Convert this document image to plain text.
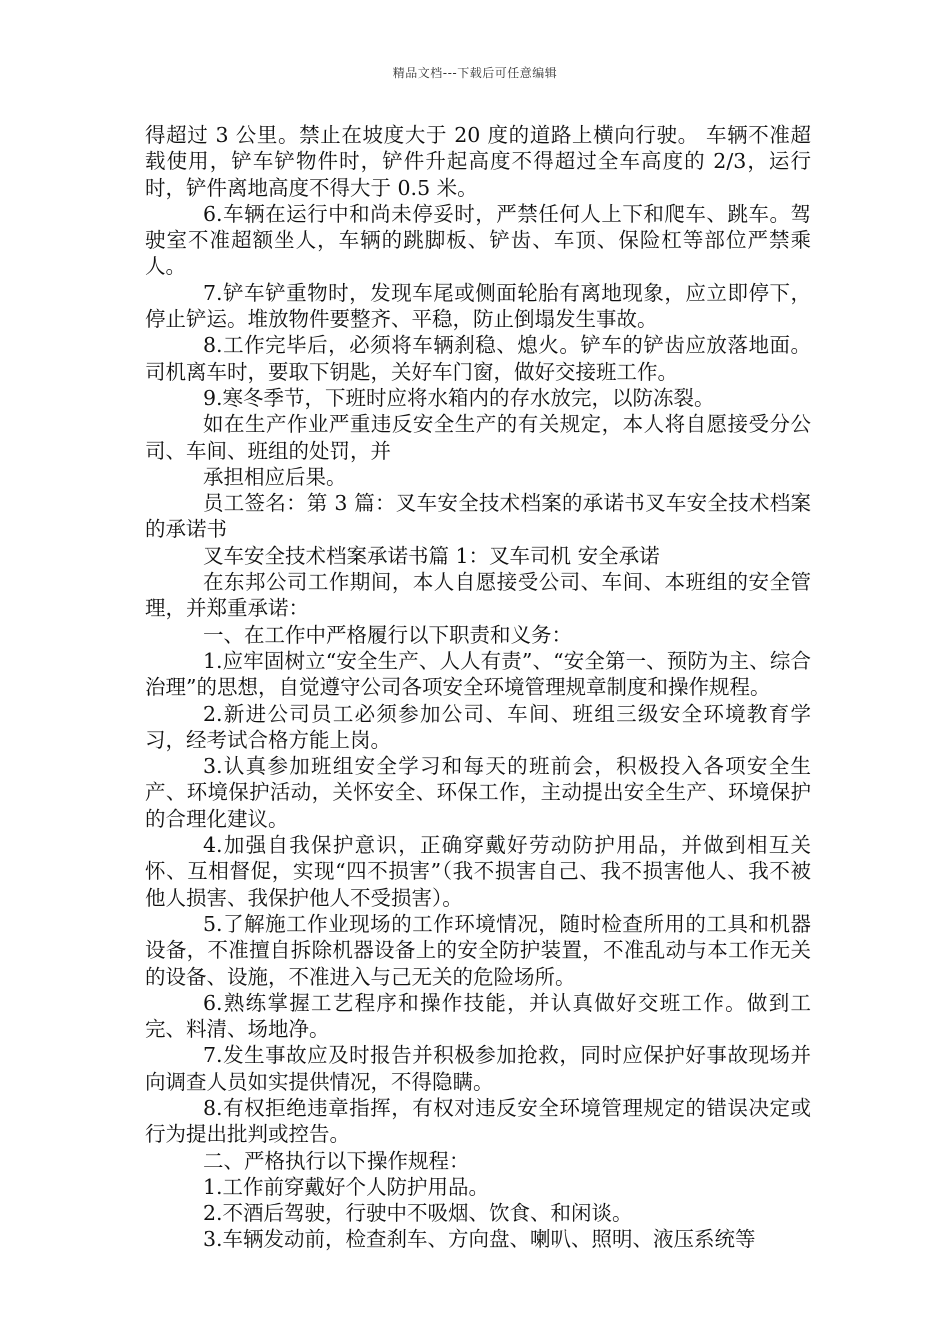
精品文档---下载后可任意编辑

得超过 3 公里。禁止在坡度大于 20 度的道路上横向行驶。 车辆不准超载使用，铲车铲物件时，铲件升起高度不得超过全车高度的 2/3，运行时，铲件离地高度不得大于 0.5 米。

6.车辆在运行中和尚未停妥时，严禁任何人上下和爬车、跳车。驾驶室不准超额坐人，车辆的跳脚板、铲齿、车顶、保险杠等部位严禁乘人。

7.铲车铲重物时，发现车尾或侧面轮胎有离地现象，应立即停下，停止铲运。堆放物件要整齐、平稳，防止倒塌发生事故。

8.工作完毕后，必须将车辆刹稳、熄火。铲车的铲齿应放落地面。司机离车时，要取下钥匙，关好车门窗，做好交接班工作。

9.寒冬季节，下班时应将水箱内的存水放完，以防冻裂。

如在生产作业严重违反安全生产的有关规定，本人将自愿接受分公司、车间、班组的处罚，并

承担相应后果。

员工签名：第 3 篇：叉车安全技术档案的承诺书叉车安全技术档案的承诺书

叉车安全技术档案承诺书篇 1：叉车司机 安全承诺

在东邦公司工作期间，本人自愿接受公司、车间、本班组的安全管理，并郑重承诺：

一、在工作中严格履行以下职责和义务：

1.应牢固树立“安全生产、人人有责”、“安全第一、预防为主、综合治理”的思想，自觉遵守公司各项安全环境管理规章制度和操作规程。

2.新进公司员工必须参加公司、车间、班组三级安全环境教育学习，经考试合格方能上岗。

3.认真参加班组安全学习和每天的班前会，积极投入各项安全生产、环境保护活动，关怀安全、环保工作，主动提出安全生产、环境保护的合理化建议。

4.加强自我保护意识，正确穿戴好劳动防护用品，并做到相互关怀、互相督促，实现“四不损害”（我不损害自己、我不损害他人、我不被他人损害、我保护他人不受损害）。

5.了解施工作业现场的工作环境情况，随时检查所用的工具和机器设备，不准擅自拆除机器设备上的安全防护装置，不准乱动与本工作无关的设备、设施，不准进入与己无关的危险场所。

6.熟练掌握工艺程序和操作技能，并认真做好交班工作。做到工完、料清、场地净。

7.发生事故应及时报告并积极参加抢救，同时应保护好事故现场并向调查人员如实提供情况，不得隐瞒。

8.有权拒绝违章指挥，有权对违反安全环境管理规定的错误决定或行为提出批判或控告。

二、严格执行以下操作规程：

1.工作前穿戴好个人防护用品。

2.不酒后驾驶，行驶中不吸烟、饮食、和闲谈。

3.车辆发动前，检查刹车、方向盘、喇叭、照明、液压系统等
